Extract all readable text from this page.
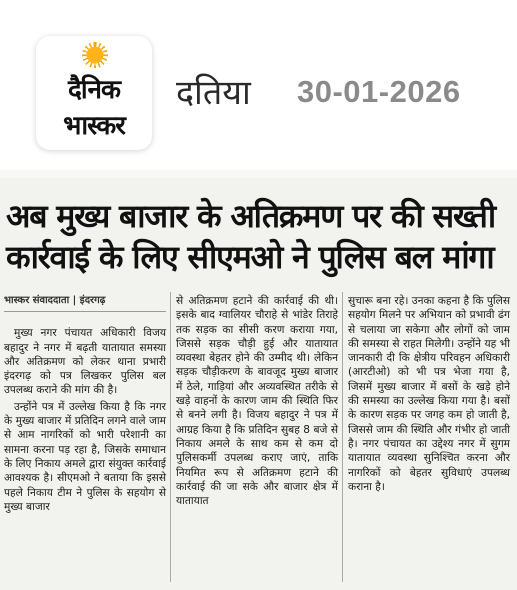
दैनिक
भास्कर
दतिया 30-01-2026
अब मुख्य बाजार के अतिक्रमण पर की सख्ती कार्रवाई के लिए सीएमओ ने पुलिस बल मांगा
भास्कर संवाददाता | इंदरगढ़

मुख्य नगर पंचायत अधिकारी विजय बहादुर ने नगर में बढ़ती यातायात समस्या और अतिक्रमण को लेकर थाना प्रभारी इंदरगढ़ को पत्र लिखकर पुलिस बल उपलब्ध कराने की मांग की है।

उन्होंने पत्र में उल्लेख किया है कि नगर के मुख्य बाजार में प्रतिदिन लगने वाले जाम से आम नागरिकों को भारी परेशानी का सामना करना पड़ रहा है, जिसके समाधान के लिए निकाय अमले द्वारा संयुक्त कार्रवाई आवश्यक है। सीएमओ ने बताया कि इससे पहले निकाय टीम ने पुलिस के सहयोग से मुख्य बाजार

से अतिक्रमण हटाने की कार्रवाई की थी। इसके बाद ग्वालियर चौराहे से भांडेर तिराहे तक सड़क का सीसी करण कराया गया, जिससे सड़क चौड़ी हुई और यातायात व्यवस्था बेहतर होने की उम्मीद थी। लेकिन सड़क चौड़ीकरण के बावजूद मुख्य बाजार में ठेले, गाड़ियां और अव्यवस्थित तरीके से खड़े वाहनों के कारण जाम की स्थिति फिर से बनने लगी है। विजय बहादुर ने पत्र में आग्रह किया है कि प्रतिदिन सुबह 8 बजे से निकाय अमले के साथ कम से कम दो पुलिसकर्मी उपलब्ध कराए जाएं, ताकि नियमित रूप से अतिक्रमण हटाने की कार्रवाई की जा सके और बाजार क्षेत्र में यातायात

सुचारू बना रहे। उनका कहना है कि पुलिस सहयोग मिलने पर अभियान को प्रभावी ढंग से चलाया जा सकेगा और लोगों को जाम की समस्या से राहत मिलेगी। उन्होंने यह भी जानकारी दी कि क्षेत्रीय परिवहन अधिकारी (आरटीओ) को भी पत्र भेजा गया है, जिसमें मुख्य बाजार में बसों के खड़े होने की समस्या का उल्लेख किया गया है। बसों के कारण सड़क पर जगह कम हो जाती है, जिससे जाम की स्थिति और गंभीर हो जाती है। नगर पंचायत का उद्देश्य नगर में सुगम यातायात व्यवस्था सुनिश्चित करना और नागरिकों को बेहतर सुविधाएं उपलब्ध कराना है।
